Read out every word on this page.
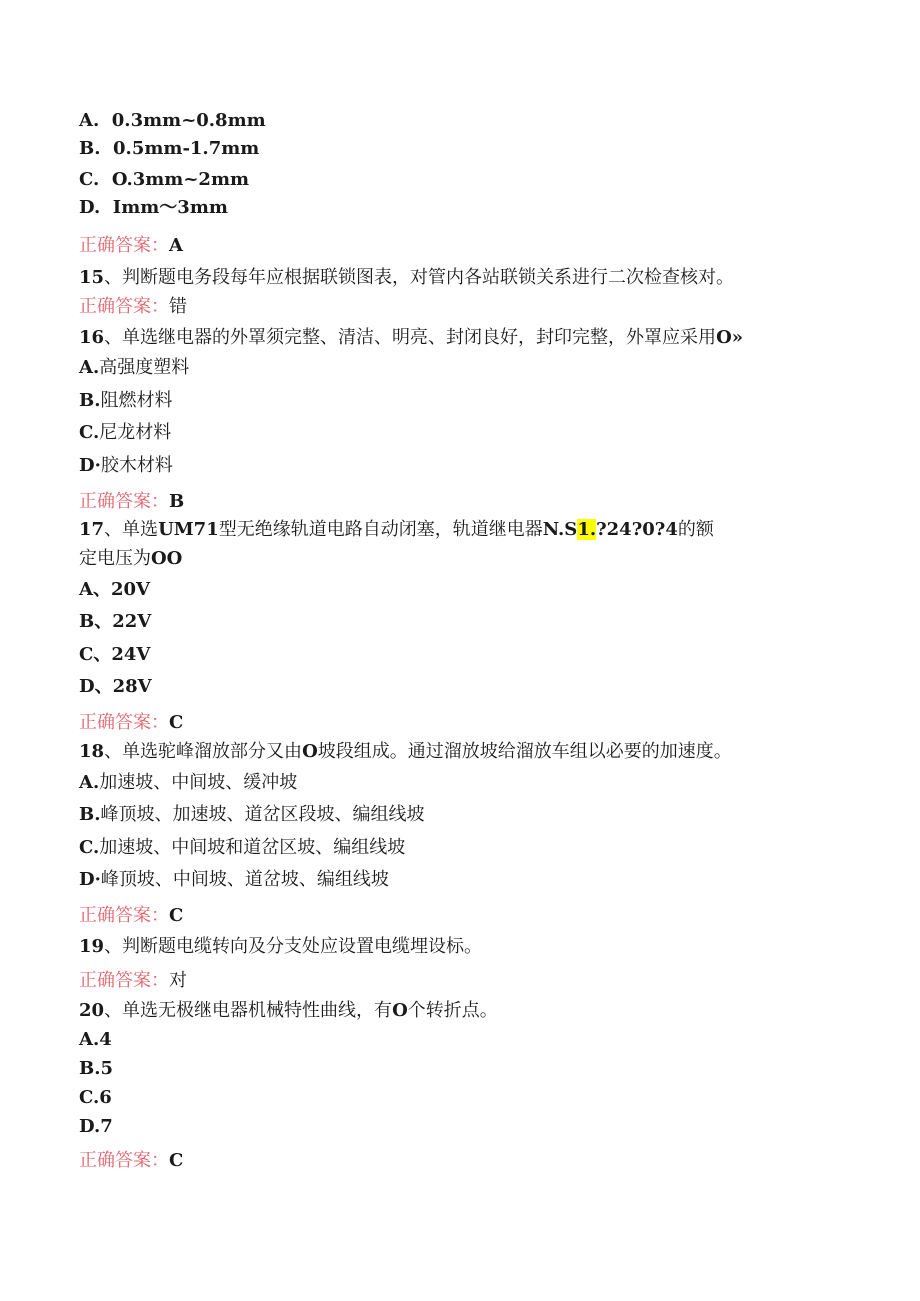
A. 0.3mm~0.8mm

B. 0.5mm-1.7mm

C. O.3mm~2mm

D. Imm～3mm

正确答案：A

15、判断题电务段每年应根据联锁图表，对管内各站联锁关系进行二次检查核对。

正确答案：错

16、单选继电器的外罩须完整、清洁、明亮、封闭良好，封印完整，外罩应采用O»

A.高强度塑料

B.阻燃材料

C.尼龙材料

D·胶木材料

正确答案：B

17、单选UM71型无绝缘轨道电路自动闭塞，轨道继电器N.S1.?24?0?4的额

定电压为OO

A、20V

B、22V

C、24V

D、28V

正确答案：C

18、单选驼峰溜放部分又由O坡段组成。通过溜放坡给溜放车组以必要的加速度。

A.加速坡、中间坡、缓冲坡

B.峰顶坡、加速坡、道岔区段坡、编组线坡

C.加速坡、中间坡和道岔区坡、编组线坡

D·峰顶坡、中间坡、道岔坡、编组线坡

正确答案：C

19、判断题电缆转向及分支处应设置电缆埋设标。

正确答案：对

20、单选无极继电器机械特性曲线，有O个转折点。

A.4

B.5

C.6

D.7

正确答案：C
